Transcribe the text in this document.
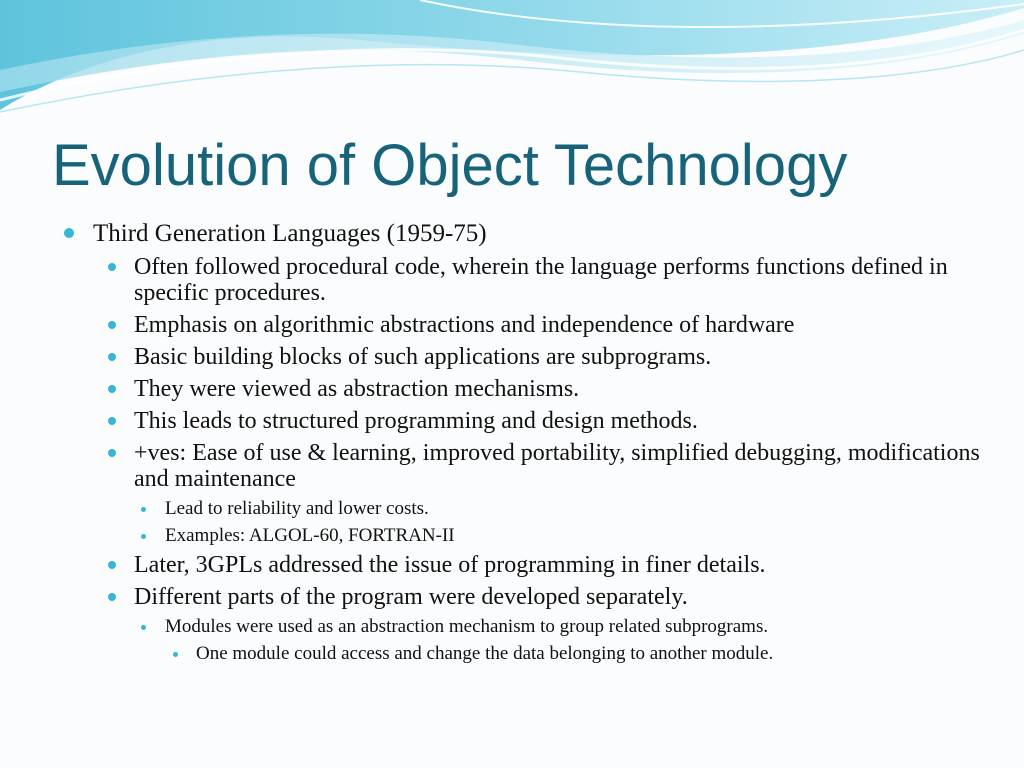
Evolution of Object Technology
Third Generation Languages (1959-75)
Often followed procedural code, wherein the language performs functions defined in specific procedures.
Emphasis on algorithmic abstractions and independence of hardware
Basic building blocks of such applications are subprograms.
They were viewed as abstraction mechanisms.
This leads to structured programming and design methods.
+ves: Ease of use & learning, improved portability, simplified debugging, modifications and maintenance
Lead to reliability and lower costs.
Examples: ALGOL-60, FORTRAN-II
Later, 3GPLs addressed the issue of programming in finer details.
Different parts of the program were developed separately.
Modules were used as an abstraction mechanism to group related subprograms.
One module could access and change the data belonging to another module.
